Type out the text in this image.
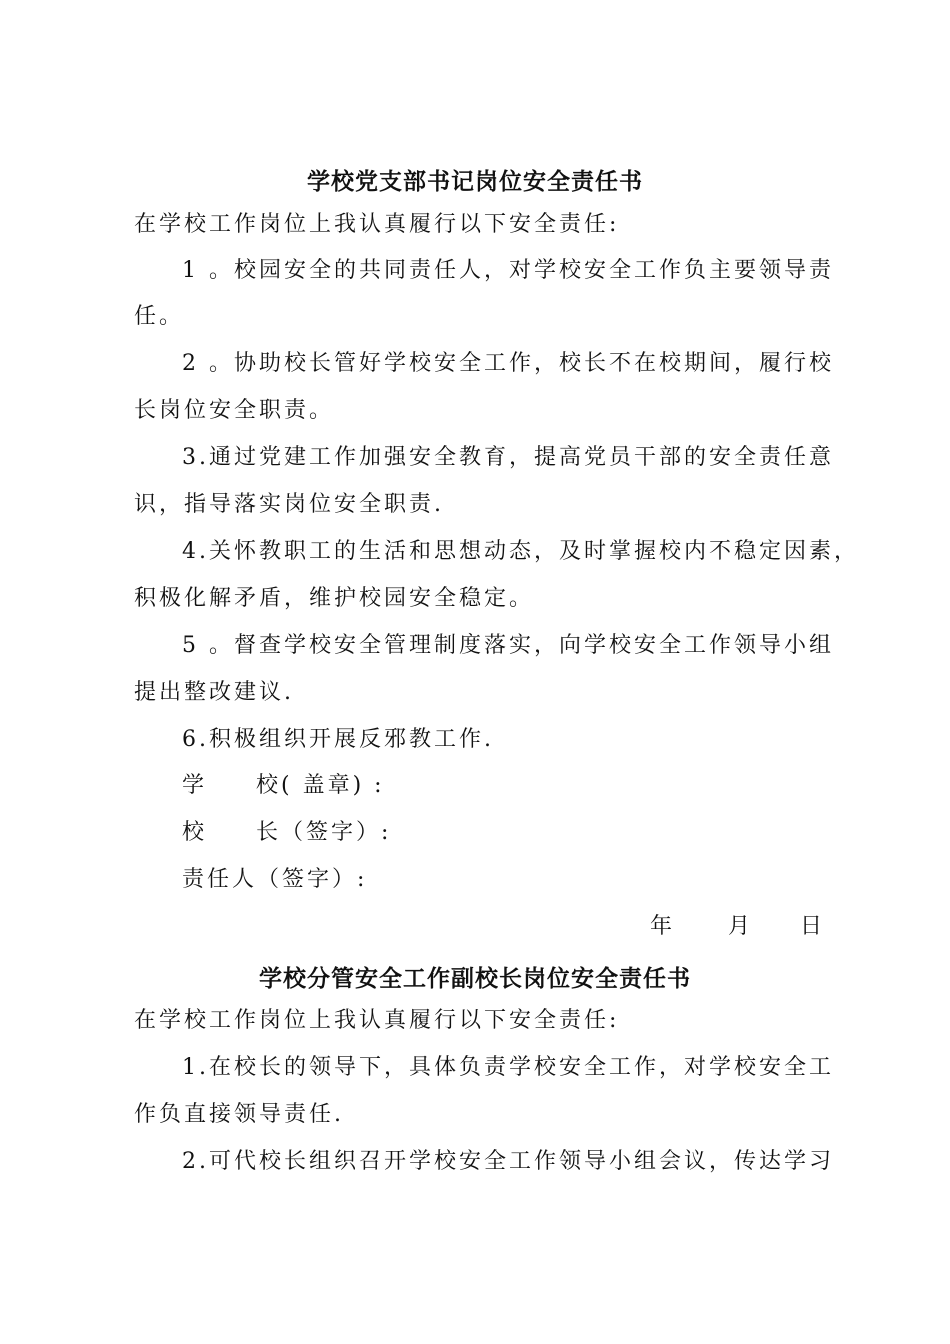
学校党支部书记岗位安全责任书
在学校工作岗位上我认真履行以下安全责任:
1 。校园安全的共同责任人，对学校安全工作负主要领导责
任。
2 。协助校长管好学校安全工作，校长不在校期间，履行校
长岗位安全职责。
3.通过党建工作加强安全教育，提高党员干部的安全责任意
识，指导落实岗位安全职责.
4.关怀教职工的生活和思想动态，及时掌握校内不稳定因素，
积极化解矛盾，维护校园安全稳定。
5 。督查学校安全管理制度落实，向学校安全工作领导小组
提出整改建议.
6.积极组织开展反邪教工作.
学 校( 盖章) :
校 长（签字）:
责任人（签字）:
年	月 日
学校分管安全工作副校长岗位安全责任书
在学校工作岗位上我认真履行以下安全责任:
1.在校长的领导下，具体负责学校安全工作，对学校安全工
作负直接领导责任.
2.可代校长组织召开学校安全工作领导小组会议，传达学习
